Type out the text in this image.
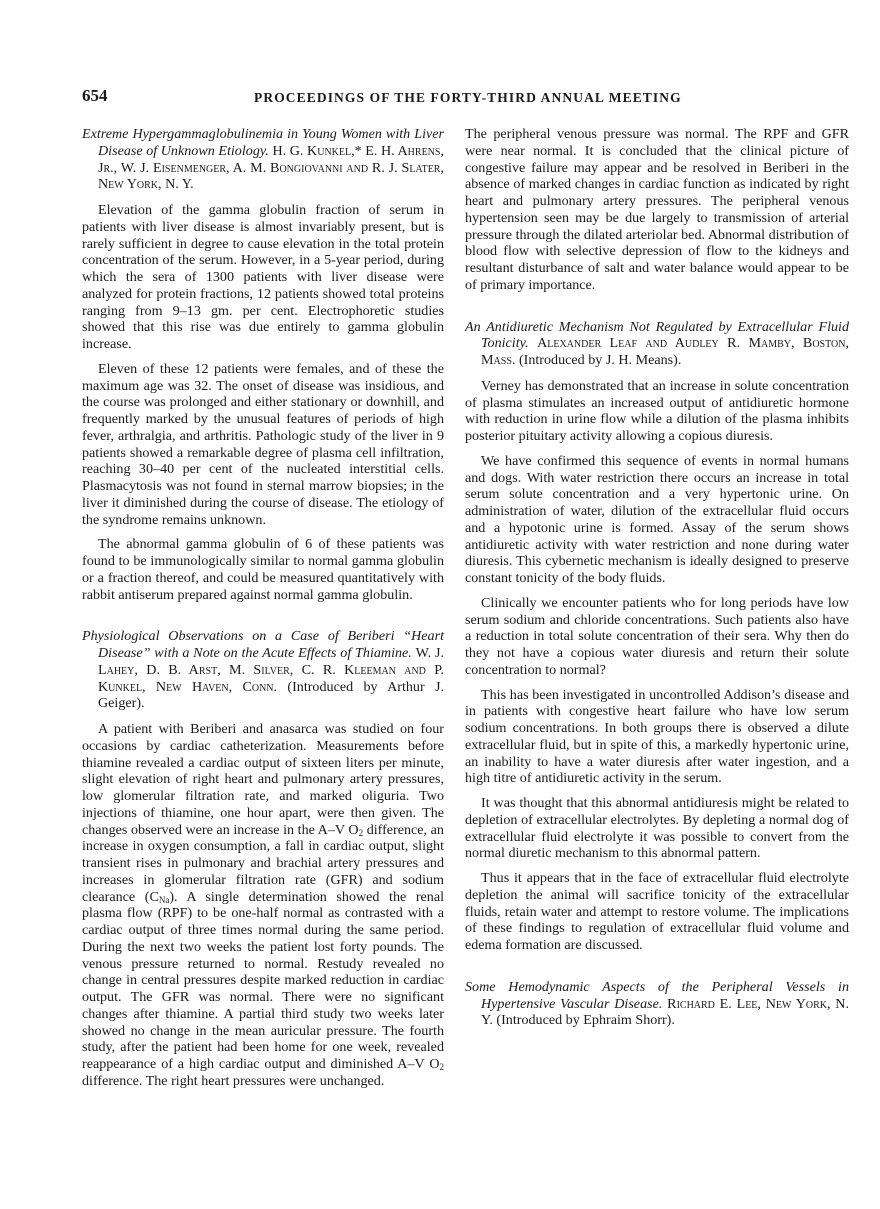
654	PROCEEDINGS OF THE FORTY-THIRD ANNUAL MEETING

Extreme Hypergammaglobulinemia in Young Women with Liver Disease of Unknown Etiology. H. G. Kunkel,* E. H. Ahrens, Jr., W. J. Eisenmenger, A. M. Bongiovanni and R. J. Slater, New York, N. Y.

Elevation of the gamma globulin fraction of serum in patients with liver disease is almost invariably present, but is rarely sufficient in degree to cause elevation in the total protein concentration of the serum. However, in a 5-year period, during which the sera of 1300 patients with liver disease were analyzed for protein fractions, 12 patients showed total proteins ranging from 9–13 gm. per cent. Electrophoretic studies showed that this rise was due entirely to gamma globulin increase.

Eleven of these 12 patients were females, and of these the maximum age was 32. The onset of disease was insidious, and the course was prolonged and either stationary or downhill, and frequently marked by the unusual features of periods of high fever, arthralgia, and arthritis. Pathologic study of the liver in 9 patients showed a remarkable degree of plasma cell infiltration, reaching 30–40 per cent of the nucleated interstitial cells. Plasmacytosis was not found in sternal marrow biopsies; in the liver it diminished during the course of disease. The etiology of the syndrome remains unknown.

The abnormal gamma globulin of 6 of these patients was found to be immunologically similar to normal gamma globulin or a fraction thereof, and could be measured quantitatively with rabbit antiserum prepared against normal gamma globulin.

Physiological Observations on a Case of Beriberi “Heart Disease” with a Note on the Acute Effects of Thiamine. W. J. Lahey, D. B. Arst, M. Silver, C. R. Kleeman and P. Kunkel, New Haven, Conn. (Introduced by Arthur J. Geiger).

A patient with Beriberi and anasarca was studied on four occasions by cardiac catheterization. Measurements before thiamine revealed a cardiac output of sixteen liters per minute, slight elevation of right heart and pulmonary artery pressures, low glomerular filtration rate, and marked oliguria. Two injections of thiamine, one hour apart, were then given. The changes observed were an increase in the A–V $O_2$ difference, an increase in oxygen consumption, a fall in cardiac output, slight transient rises in pulmonary and brachial artery pressures and increases in glomerular filtration rate (GFR) and sodium clearance $(C_{Na})$. A single determination showed the renal plasma flow (RPF) to be one-half normal as contrasted with a cardiac output of three times normal during the same period. During the next two weeks the patient lost forty pounds. The venous pressure returned to normal. Restudy revealed no change in central pressures despite marked reduction in cardiac output. The GFR was normal. There were no significant changes after thiamine. A partial third study two weeks later showed no change in the mean auricular pressure. The fourth study, after the patient had been home for one week, revealed reappearance of a high cardiac output and diminished A–V $O_2$ difference. The right heart pressures were unchanged.

The peripheral venous pressure was normal. The RPF and GFR were near normal. It is concluded that the clinical picture of congestive failure may appear and be resolved in Beriberi in the absence of marked changes in cardiac function as indicated by right heart and pulmonary artery pressures. The peripheral venous hypertension seen may be due largely to transmission of arterial pressure through the dilated arteriolar bed. Abnormal distribution of blood flow with selective depression of flow to the kidneys and resultant disturbance of salt and water balance would appear to be of primary importance.

An Antidiuretic Mechanism Not Regulated by Extracellular Fluid Tonicity. Alexander Leaf and Audley R. Mamby, Boston, Mass. (Introduced by J. H. Means).

Verney has demonstrated that an increase in solute concentration of plasma stimulates an increased output of antidiuretic hormone with reduction in urine flow while a dilution of the plasma inhibits posterior pituitary activity allowing a copious diuresis.

We have confirmed this sequence of events in normal humans and dogs. With water restriction there occurs an increase in total serum solute concentration and a very hypertonic urine. On administration of water, dilution of the extracellular fluid occurs and a hypotonic urine is formed. Assay of the serum shows antidiuretic activity with water restriction and none during water diuresis. This cybernetic mechanism is ideally designed to preserve constant tonicity of the body fluids.

Clinically we encounter patients who for long periods have low serum sodium and chloride concentrations. Such patients also have a reduction in total solute concentration of their sera. Why then do they not have a copious water diuresis and return their solute concentration to normal?

This has been investigated in uncontrolled Addison’s disease and in patients with congestive heart failure who have low serum sodium concentrations. In both groups there is observed a dilute extracellular fluid, but in spite of this, a markedly hypertonic urine, an inability to have a water diuresis after water ingestion, and a high titre of antidiuretic activity in the serum.

It was thought that this abnormal antidiuresis might be related to depletion of extracellular electrolytes. By depleting a normal dog of extracellular fluid electrolyte it was possible to convert from the normal diuretic mechanism to this abnormal pattern.

Thus it appears that in the face of extracellular fluid electrolyte depletion the animal will sacrifice tonicity of the extracellular fluids, retain water and attempt to restore volume. The implications of these findings to regulation of extracellular fluid volume and edema formation are discussed.

Some Hemodynamic Aspects of the Peripheral Vessels in Hypertensive Vascular Disease. Richard E. Lee, New York, N. Y. (Introduced by Ephraim Shorr).
